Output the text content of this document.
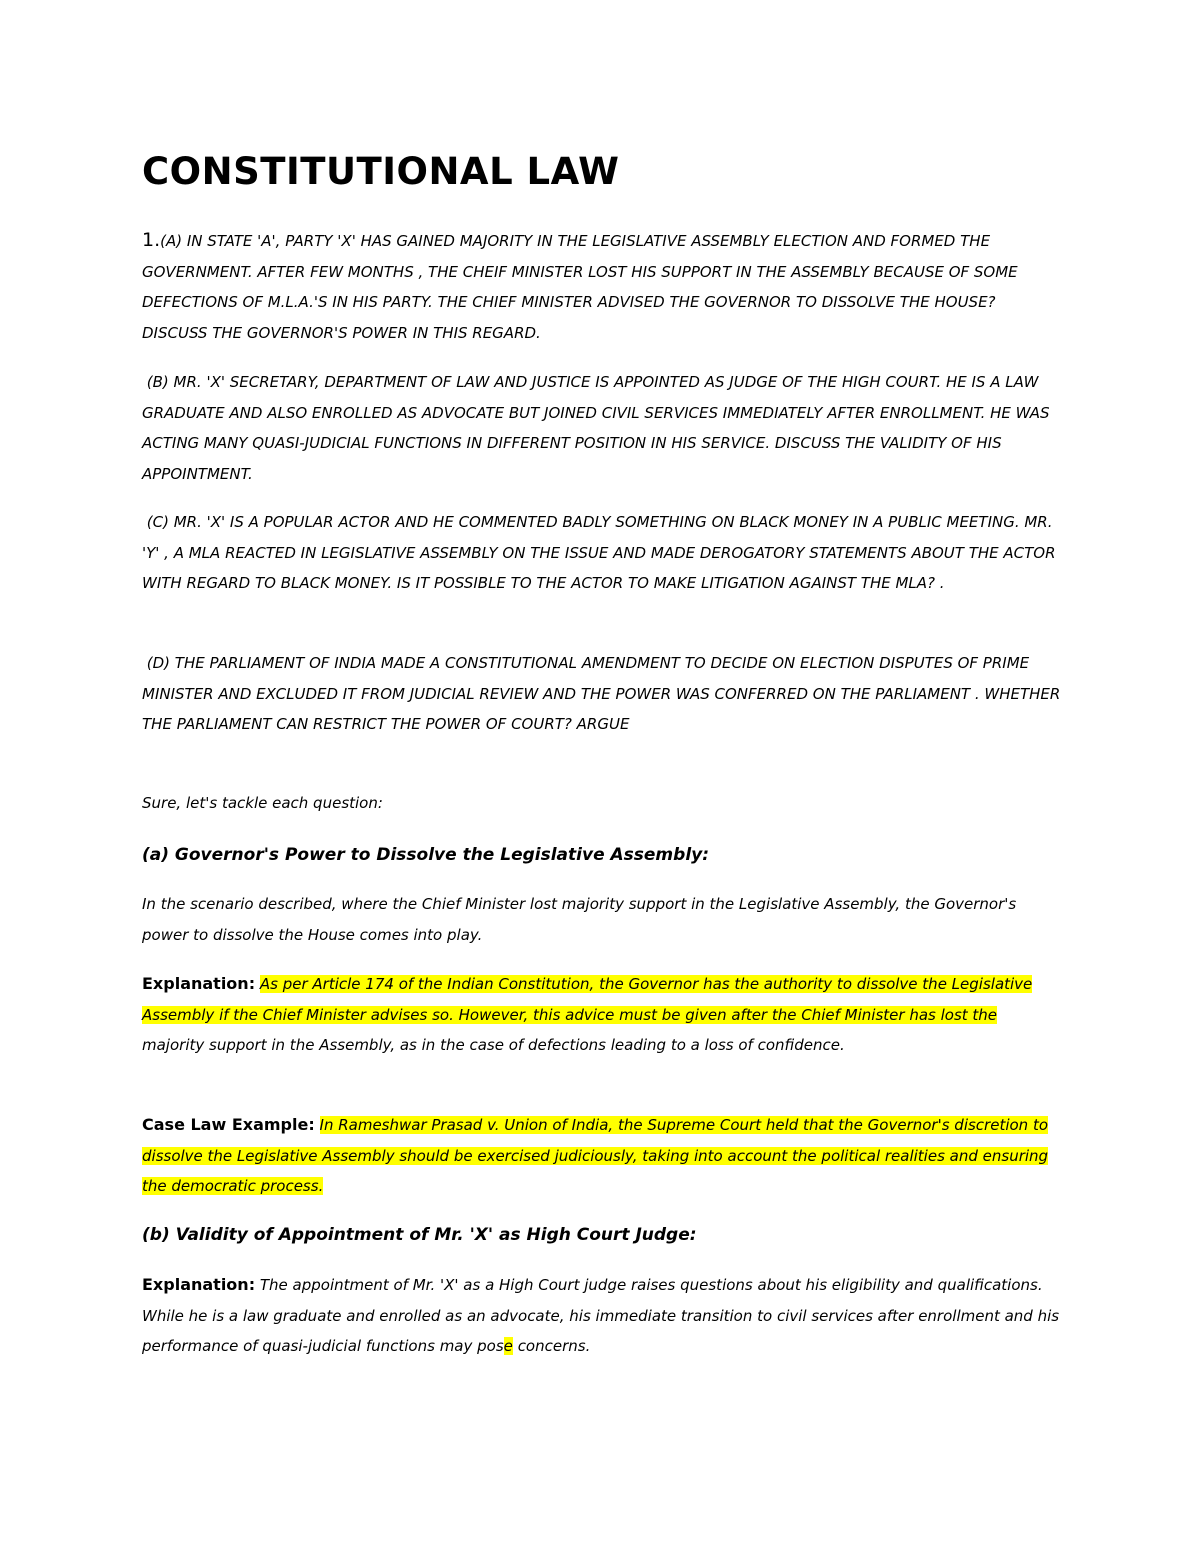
CONSTITUTIONAL LAW

1.(A) IN STATE 'A', PARTY 'X' HAS GAINED MAJORITY IN THE LEGISLATIVE ASSEMBLY ELECTION AND FORMED THE GOVERNMENT. AFTER FEW MONTHS , THE CHEIF MINISTER LOST HIS SUPPORT IN THE ASSEMBLY BECAUSE OF SOME DEFECTIONS OF M.L.A.'S IN HIS PARTY. THE CHIEF MINISTER ADVISED THE GOVERNOR TO DISSOLVE THE HOUSE? DISCUSS THE GOVERNOR'S POWER IN THIS REGARD.

(B) MR. 'X' SECRETARY, DEPARTMENT OF LAW AND JUSTICE IS APPOINTED AS JUDGE OF THE HIGH COURT. HE IS A LAW GRADUATE AND ALSO ENROLLED AS ADVOCATE BUT JOINED CIVIL SERVICES IMMEDIATELY AFTER ENROLLMENT. HE WAS ACTING MANY QUASI-JUDICIAL FUNCTIONS IN DIFFERENT POSITION IN HIS SERVICE. DISCUSS THE VALIDITY OF HIS APPOINTMENT.

(C) MR. 'X' IS A POPULAR ACTOR AND HE COMMENTED BADLY SOMETHING ON BLACK MONEY IN A PUBLIC MEETING. MR. 'Y' , A MLA REACTED IN LEGISLATIVE ASSEMBLY ON THE ISSUE AND MADE DEROGATORY STATEMENTS ABOUT THE ACTOR WITH REGARD TO BLACK MONEY. IS IT POSSIBLE TO THE ACTOR TO MAKE LITIGATION AGAINST THE MLA? .

(D) THE PARLIAMENT OF INDIA MADE A CONSTITUTIONAL AMENDMENT TO DECIDE ON ELECTION DISPUTES OF PRIME MINISTER AND EXCLUDED IT FROM JUDICIAL REVIEW AND THE POWER WAS CONFERRED ON THE PARLIAMENT . WHETHER THE PARLIAMENT CAN RESTRICT THE POWER OF COURT? ARGUE

Sure, let's tackle each question:

(a) Governor's Power to Dissolve the Legislative Assembly:

In the scenario described, where the Chief Minister lost majority support in the Legislative Assembly, the Governor's power to dissolve the House comes into play.

Explanation: As per Article 174 of the Indian Constitution, the Governor has the authority to dissolve the Legislative Assembly if the Chief Minister advises so. However, this advice must be given after the Chief Minister has lost the majority support in the Assembly, as in the case of defections leading to a loss of confidence.

Case Law Example: In Rameshwar Prasad v. Union of India, the Supreme Court held that the Governor's discretion to dissolve the Legislative Assembly should be exercised judiciously, taking into account the political realities and ensuring the democratic process.

(b) Validity of Appointment of Mr. 'X' as High Court Judge:

Explanation: The appointment of Mr. 'X' as a High Court judge raises questions about his eligibility and qualifications. While he is a law graduate and enrolled as an advocate, his immediate transition to civil services after enrollment and his performance of quasi-judicial functions may pose concerns.
